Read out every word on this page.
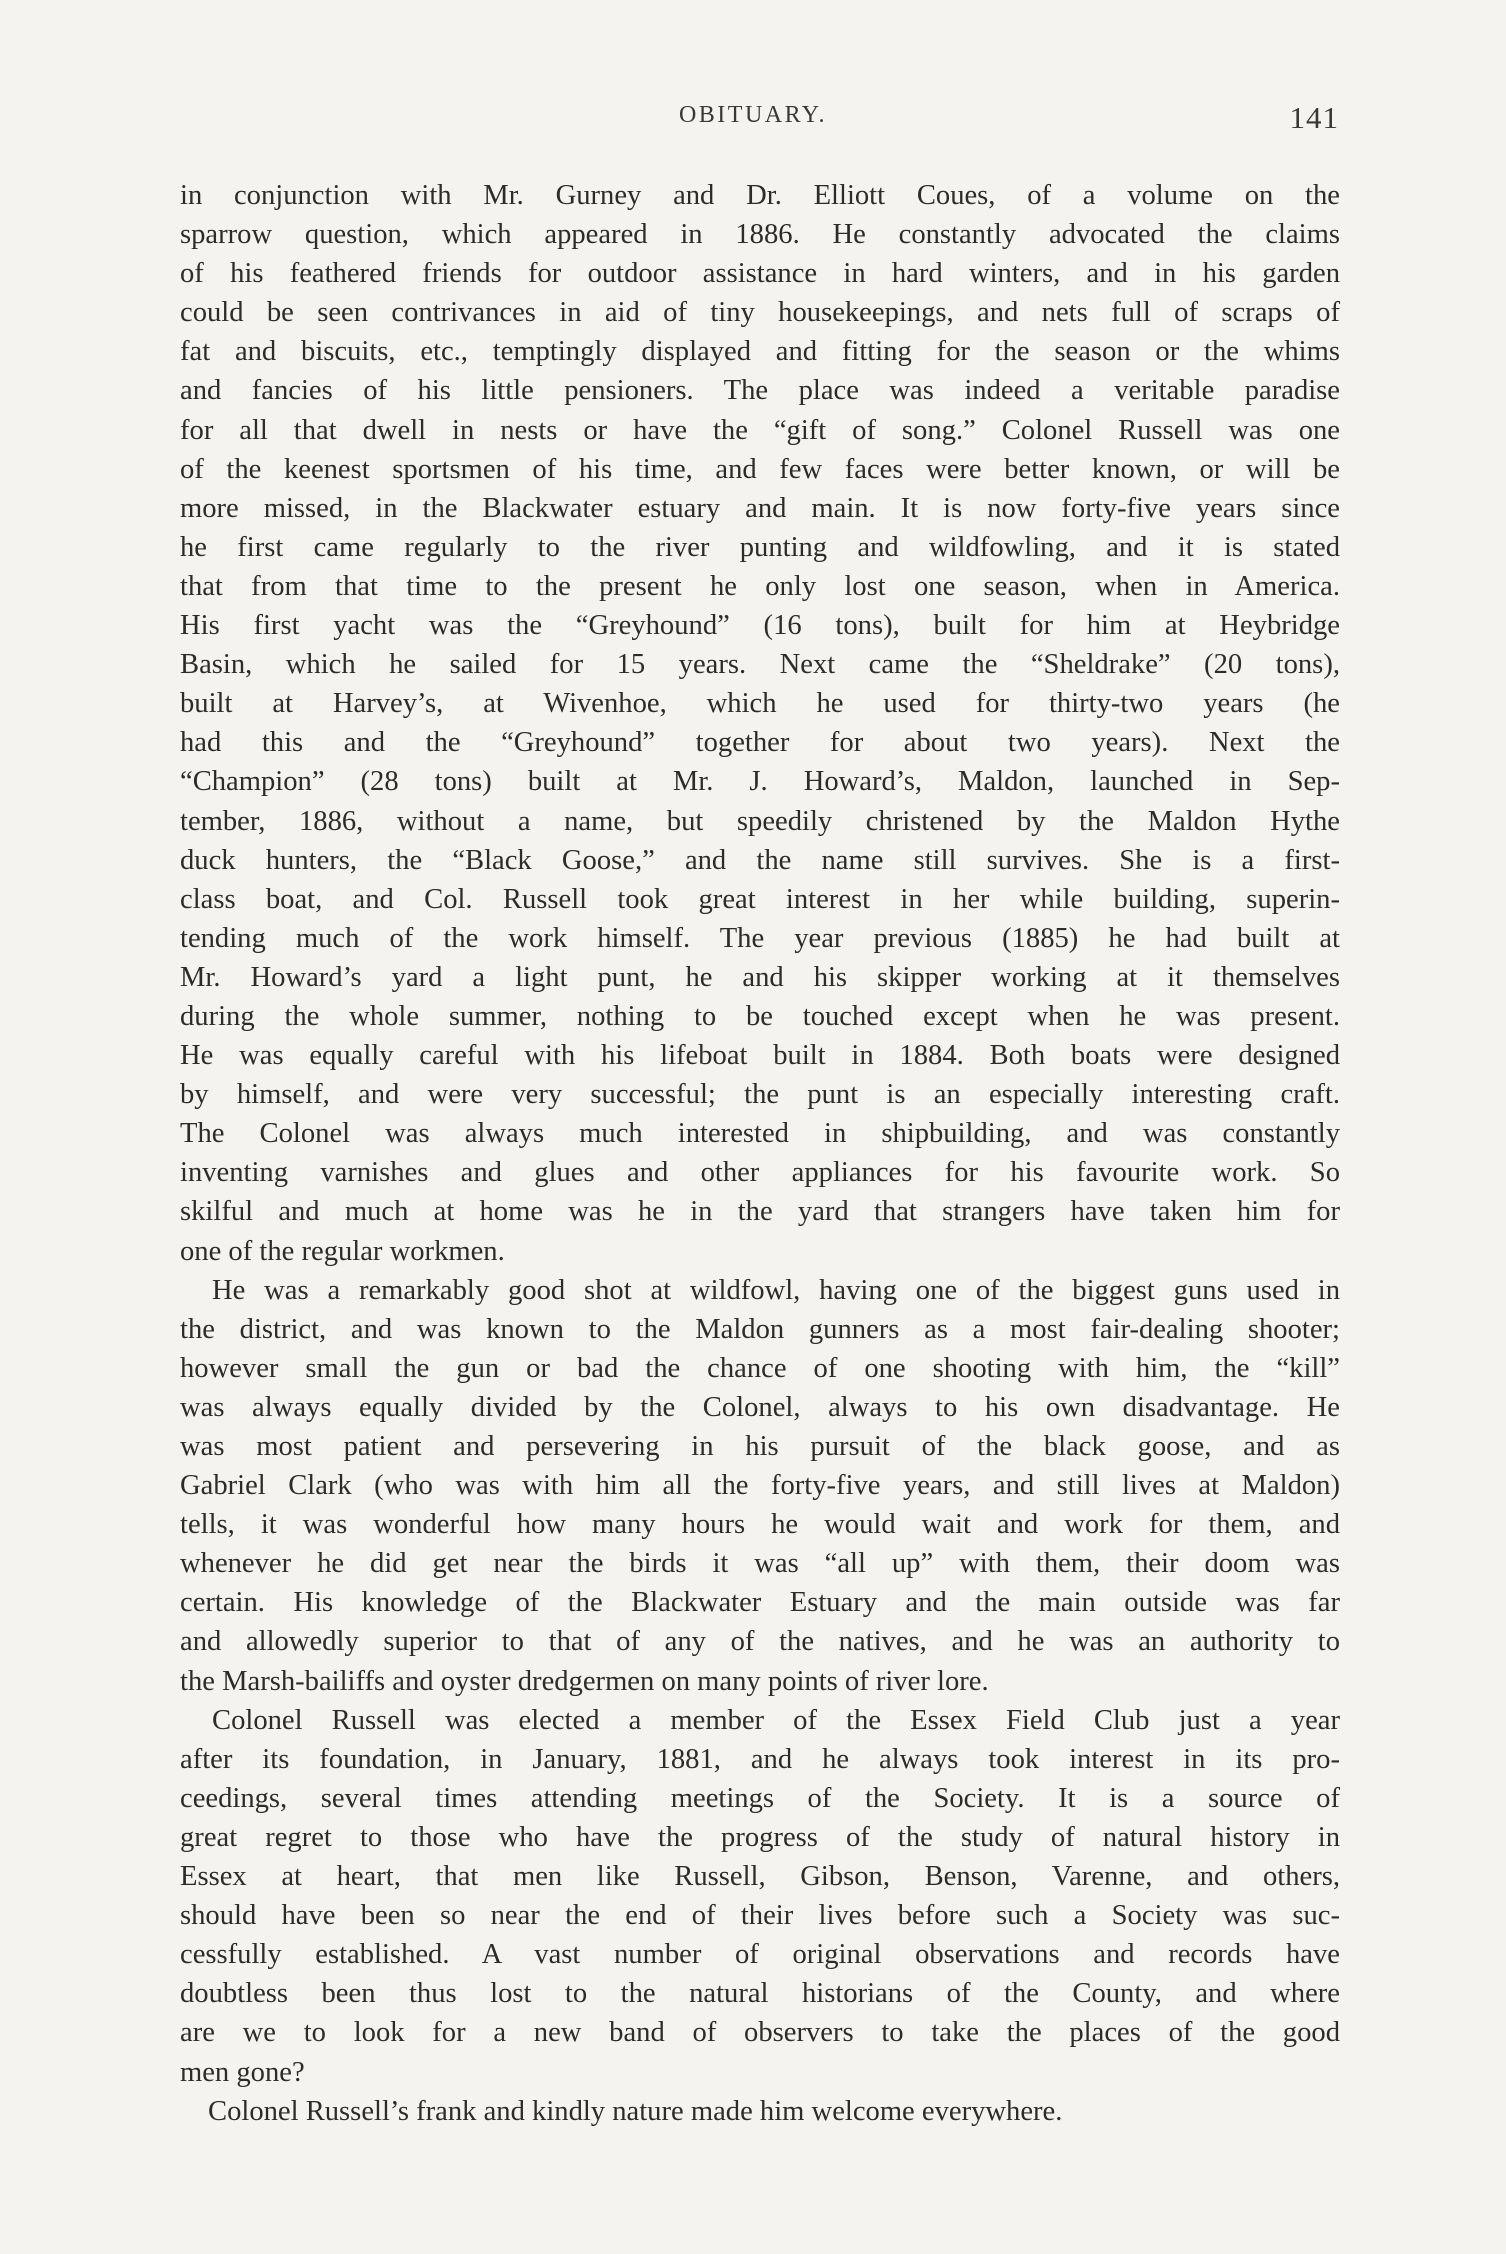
OBITUARY.	141
in conjunction with Mr. Gurney and Dr. Elliott Coues, of a volume on the
sparrow question, which appeared in 1886. He constantly advocated the claims
of his feathered friends for outdoor assistance in hard winters, and in his garden
could be seen contrivances in aid of tiny housekeepings, and nets full of scraps of
fat and biscuits, etc., temptingly displayed and fitting for the season or the whims
and fancies of his little pensioners. The place was indeed a veritable paradise
for all that dwell in nests or have the “gift of song.” Colonel Russell was one
of the keenest sportsmen of his time, and few faces were better known, or will be
more missed, in the Blackwater estuary and main. It is now forty-five years since
he first came regularly to the river punting and wildfowling, and it is stated
that from that time to the present he only lost one season, when in America.
His first yacht was the “Greyhound” (16 tons), built for him at Heybridge
Basin, which he sailed for 15 years. Next came the “Sheldrake” (20 tons),
built at Harvey’s, at Wivenhoe, which he used for thirty-two years (he
had this and the “Greyhound” together for about two years). Next the
“Champion” (28 tons) built at Mr. J. Howard’s, Maldon, launched in Sep-
tember, 1886, without a name, but speedily christened by the Maldon Hythe
duck hunters, the “Black Goose,” and the name still survives. She is a first-
class boat, and Col. Russell took great interest in her while building, superin-
tending much of the work himself. The year previous (1885) he had built at
Mr. Howard’s yard a light punt, he and his skipper working at it themselves
during the whole summer, nothing to be touched except when he was present.
He was equally careful with his lifeboat built in 1884. Both boats were designed
by himself, and were very successful; the punt is an especially interesting craft.
The Colonel was always much interested in shipbuilding, and was constantly
inventing varnishes and glues and other appliances for his favourite work. So
skilful and much at home was he in the yard that strangers have taken him for
one of the regular workmen.
He was a remarkably good shot at wildfowl, having one of the biggest guns used in
the district, and was known to the Maldon gunners as a most fair-dealing shooter;
however small the gun or bad the chance of one shooting with him, the “kill”
was always equally divided by the Colonel, always to his own disadvantage. He
was most patient and persevering in his pursuit of the black goose, and as
Gabriel Clark (who was with him all the forty-five years, and still lives at Maldon)
tells, it was wonderful how many hours he would wait and work for them, and
whenever he did get near the birds it was “all up” with them, their doom was
certain. His knowledge of the Blackwater Estuary and the main outside was far
and allowedly superior to that of any of the natives, and he was an authority to
the Marsh-bailiffs and oyster dredgermen on many points of river lore.
Colonel Russell was elected a member of the Essex Field Club just a year
after its foundation, in January, 1881, and he always took interest in its pro-
ceedings, several times attending meetings of the Society. It is a source of
great regret to those who have the progress of the study of natural history in
Essex at heart, that men like Russell, Gibson, Benson, Varenne, and others,
should have been so near the end of their lives before such a Society was suc-
cessfully established. A vast number of original observations and records have
doubtless been thus lost to the natural historians of the County, and where
are we to look for a new band of observers to take the places of the good
men gone?
Colonel Russell’s frank and kindly nature made him welcome everywhere.
